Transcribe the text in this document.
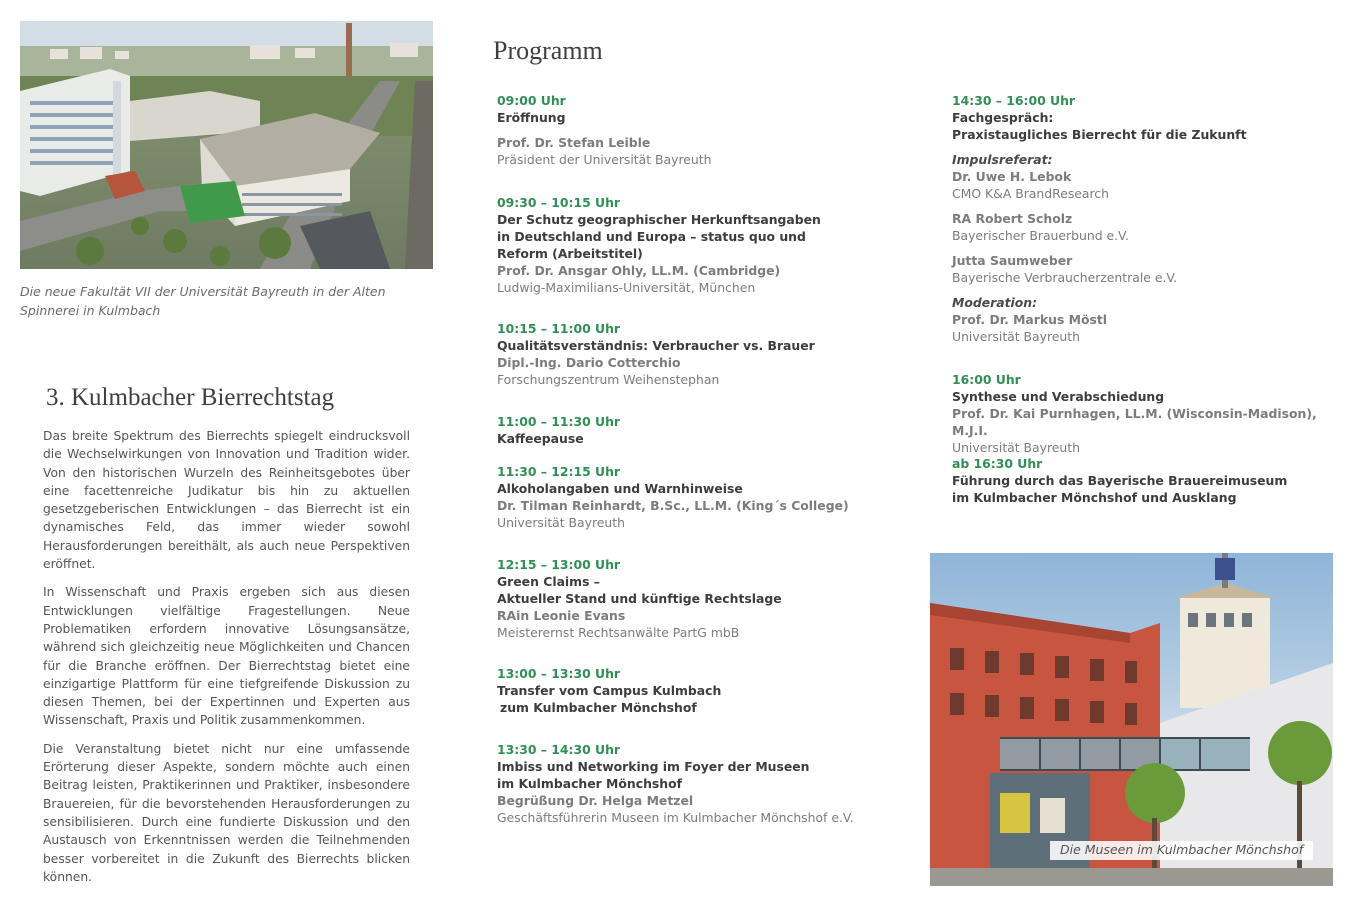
Die neue Fakultät VII der Universität Bayreuth in der Alten Spinnerei in Kulmbach
3. Kulmbacher Bierrechtstag

Das breite Spektrum des Bierrechts spiegelt eindrucksvoll die Wechselwirkungen von Innovation und Tradition wider. Von den historischen Wurzeln des Reinheitsgebotes über eine facettenreiche Judikatur bis hin zu aktuellen gesetzgeberischen Entwicklungen – das Bierrecht ist ein dynamisches Feld, das immer wieder sowohl Herausforderungen bereithält, als auch neue Perspektiven eröffnet.

In Wissenschaft und Praxis ergeben sich aus diesen Entwicklungen vielfältige Fragestellungen. Neue Problematiken erfordern innovative Lösungsansätze, während sich gleichzeitig neue Möglichkeiten und Chancen für die Branche eröffnen. Der Bierrechtstag bietet eine einzigartige Plattform für eine tiefgreifende Diskussion zu diesen Themen, bei der Expertinnen und Experten aus Wissenschaft, Praxis und Politik zusammenkommen.

Die Veranstaltung bietet nicht nur eine umfassende Erörterung dieser Aspekte, sondern möchte auch einen Beitrag leisten, Praktikerinnen und Praktiker, insbesondere Brauereien, für die bevorstehenden Herausforderungen zu sensibilisieren. Durch eine fundierte Diskussion und den Austausch von Erkenntnissen werden die Teilnehmenden besser vorbereitet in die Zukunft des Bierrechts blicken können.

Programm
09:00 Uhr
Eröffnung
Prof. Dr. Stefan Leible
Präsident der Universität Bayreuth
09:30 – 10:15 Uhr
Der Schutz geographischer Herkunftsangaben in Deutschland und Europa – status quo und Reform (Arbeitstitel)
Prof. Dr. Ansgar Ohly, LL.M. (Cambridge)
Ludwig-Maximilians-Universität, München
10:15 – 11:00 Uhr
Qualitätsverständnis: Verbraucher vs. Brauer
Dipl.-Ing. Dario Cotterchio
Forschungszentrum Weihenstephan
11:00 – 11:30 Uhr
Kaffeepause
11:30 – 12:15 Uhr
Alkoholangaben und Warnhinweise
Dr. Tilman Reinhardt, B.Sc., LL.M. (King´s College)
Universität Bayreuth
12:15 – 13:00 Uhr
Green Claims –
Aktueller Stand und künftige Rechtslage
RAin Leonie Evans
Meisterernst Rechtsanwälte PartG mbB
13:00 – 13:30 Uhr
Transfer vom Campus Kulmbach
zum Kulmbacher Mönchshof
13:30 – 14:30 Uhr
Imbiss und Networking im Foyer der Museen im Kulmbacher Mönchshof
Begrüßung Dr. Helga Metzel
Geschäftsführerin Museen im Kulmbacher Mönchshof e.V.
14:30 – 16:00 Uhr
Fachgespräch:
Praxistaugliches Bierrecht für die Zukunft
Impulsreferat:
Dr. Uwe H. Lebok
CMO K&A BrandResearch
RA Robert Scholz
Bayerischer Brauerbund e.V.
Jutta Saumweber
Bayerische Verbraucherzentrale e.V.
Moderation:
Prof. Dr. Markus Möstl
Universität Bayreuth
16:00 Uhr
Synthese und Verabschiedung
Prof. Dr. Kai Purnhagen, LL.M. (Wisconsin-Madison), M.J.I.
Universität Bayreuth
ab 16:30 Uhr
Führung durch das Bayerische Brauereimuseum im Kulmbacher Mönchshof und Ausklang
Die Museen im Kulmbacher Mönchshof
